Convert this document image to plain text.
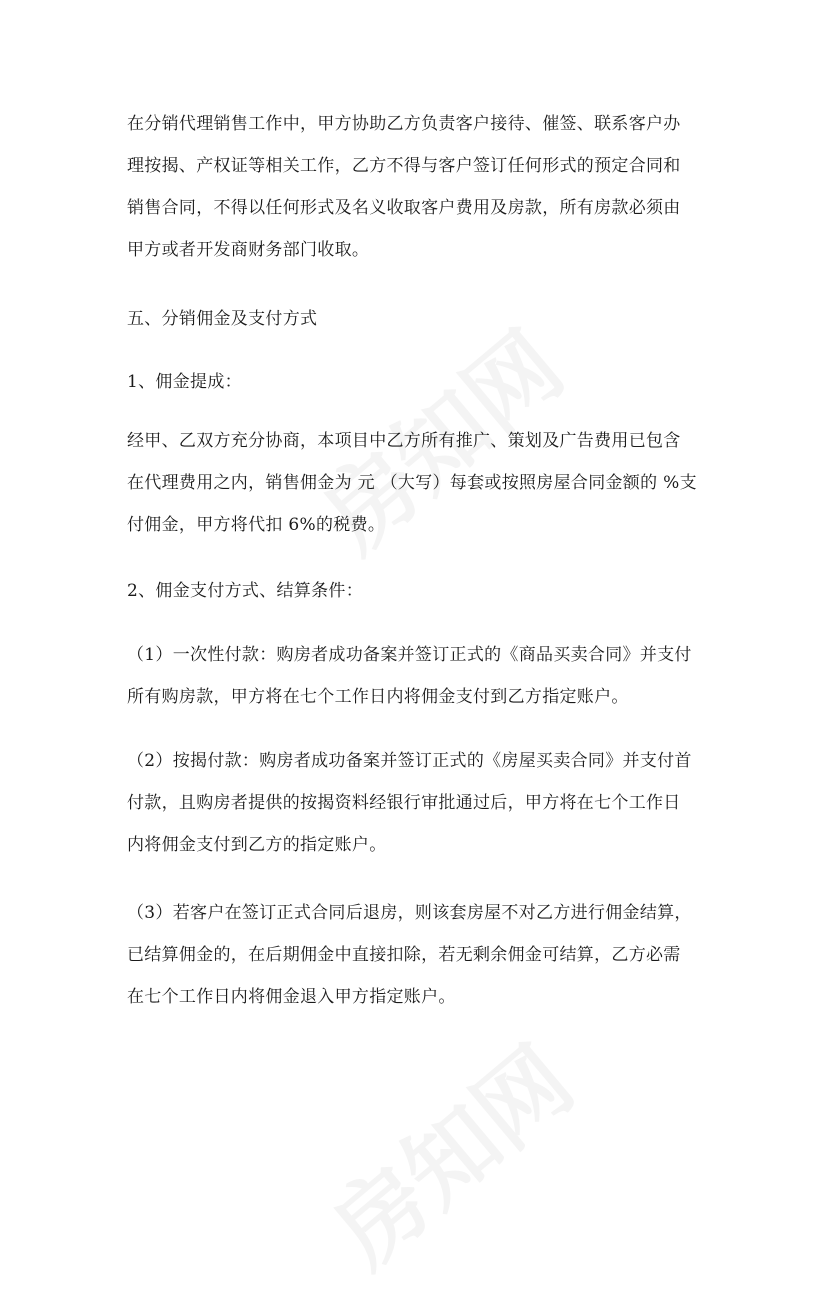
在分销代理销售工作中，甲方协助乙方负责客户接待、催签、联系客户办理按揭、产权证等相关工作，乙方不得与客户签订任何形式的预定合同和销售合同，不得以任何形式及名义收取客户费用及房款，所有房款必须由甲方或者开发商财务部门收取。

五、分销佣金及支付方式

1、佣金提成：

经甲、乙双方充分协商，本项目中乙方所有推广、策划及广告费用已包含在代理费用之内，销售佣金为 元 （大写）每套或按照房屋合同金额的 %支付佣金，甲方将代扣 6%的税费。

2、佣金支付方式、结算条件：

（1）一次性付款：购房者成功备案并签订正式的《商品买卖合同》并支付所有购房款，甲方将在七个工作日内将佣金支付到乙方指定账户。

（2）按揭付款：购房者成功备案并签订正式的《房屋买卖合同》并支付首付款，且购房者提供的按揭资料经银行审批通过后，甲方将在七个工作日内将佣金支付到乙方的指定账户。

（3）若客户在签订正式合同后退房，则该套房屋不对乙方进行佣金结算，已结算佣金的，在后期佣金中直接扣除，若无剩余佣金可结算，乙方必需在七个工作日内将佣金退入甲方指定账户。
